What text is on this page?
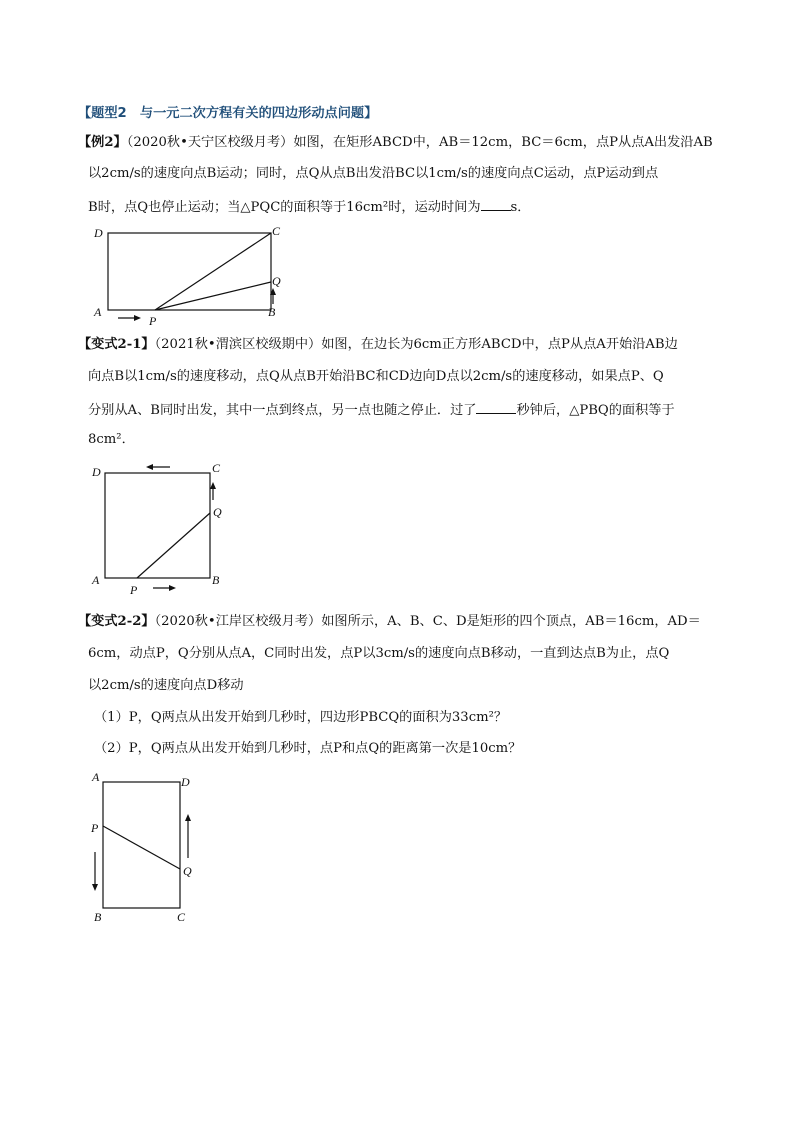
【题型2　与一元二次方程有关的四边形动点问题】
【例2】（2020秋•天宁区校级月考）如图，在矩形ABCD中，AB＝12cm，BC＝6cm，点P从点A出发沿AB
以2cm/s的速度向点B运动；同时，点Q从点B出发沿BC以1cm/s的速度向点C运动，点P运动到点
B时，点Q也停止运动；当△PQC的面积等于16cm²时，运动时间为 s．
D	C
Q
A	B
P
【变式2-1】（2021秋•渭滨区校级期中）如图，在边长为6cm正方形ABCD中，点P从点A开始沿AB边
向点B以1cm/s的速度移动，点Q从点B开始沿BC和CD边向D点以2cm/s的速度移动，如果点P、Q
分别从A、B同时出发，其中一点到终点，另一点也随之停止．过了	秒钟后，△PBQ的面积等于
8cm²．
D	C
Q
A	B
P
【变式2-2】（2020秋•江岸区校级月考）如图所示，A、B、C、D是矩形的四个顶点，AB＝16cm，AD＝
6cm，动点P，Q分别从点A，C同时出发，点P以3cm/s的速度向点B移动，一直到达点B为止，点Q
以2cm/s的速度向点D移动
（1）P，Q两点从出发开始到几秒时，四边形PBCQ的面积为33cm²？
（2）P，Q两点从出发开始到几秒时，点P和点Q的距离第一次是10cm？
A	D
P
Q
B	C
